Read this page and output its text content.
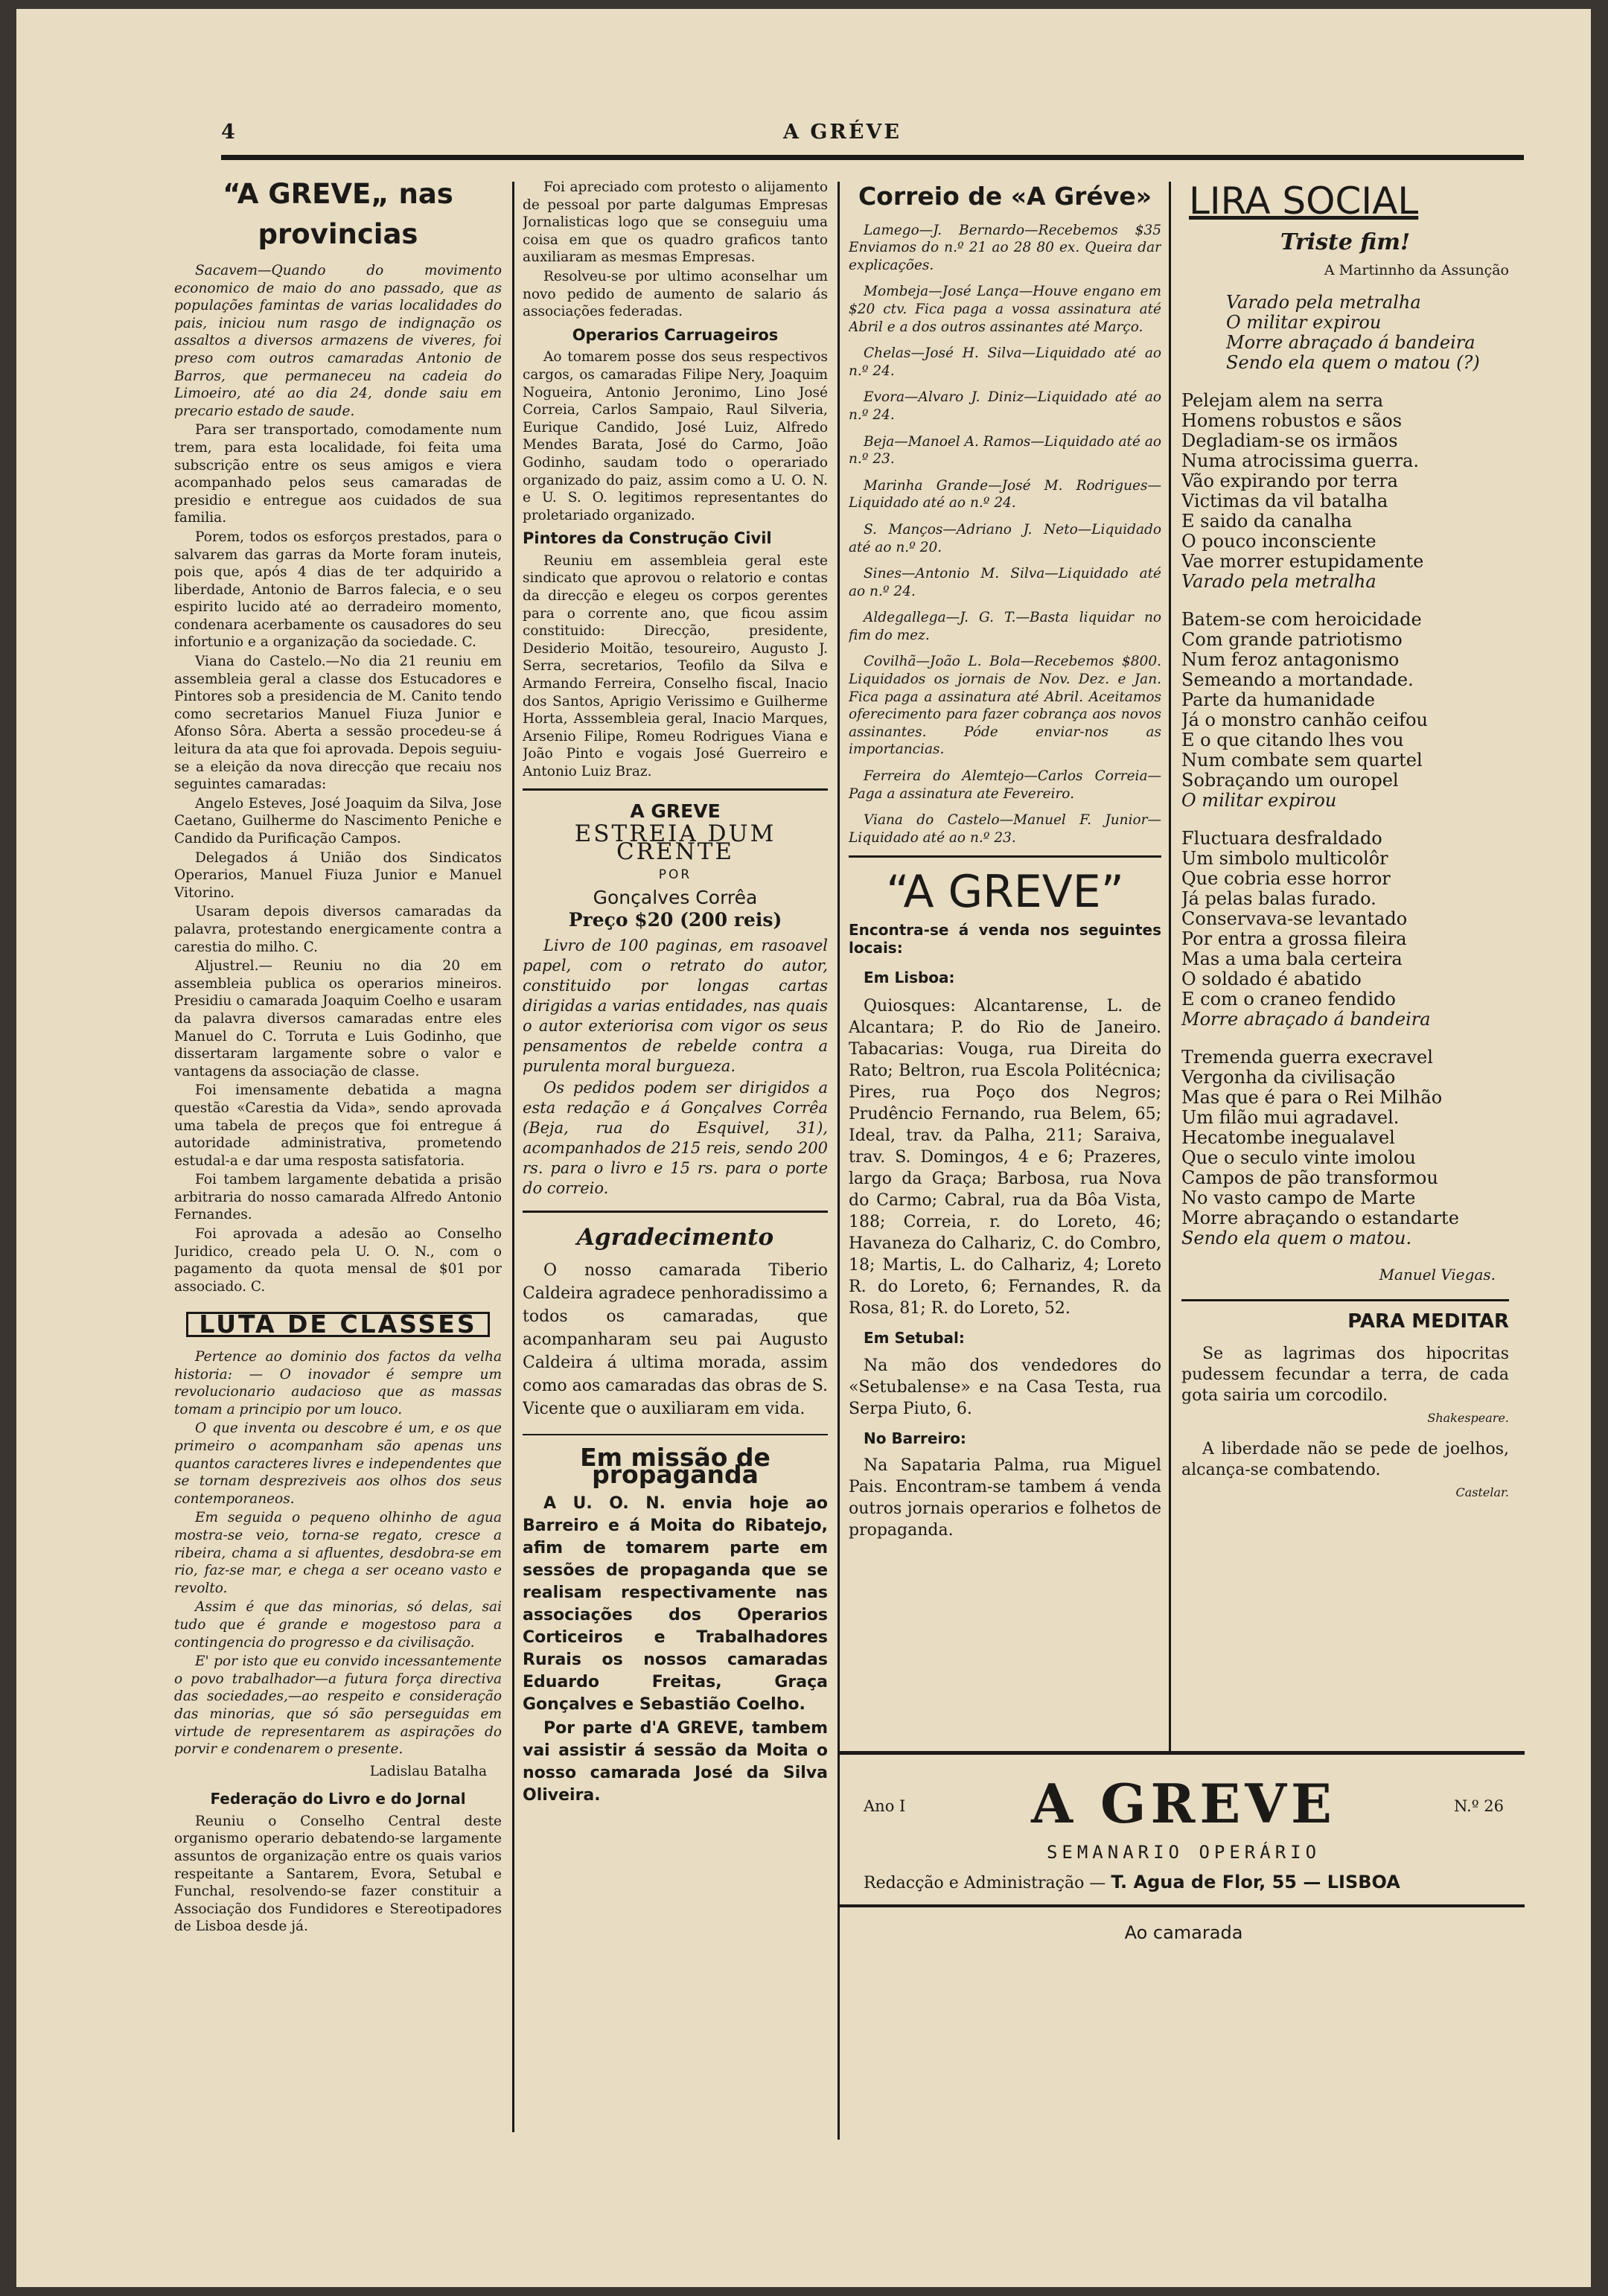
4	A GRÉVE
“A GREVE„ nas provincias

Sacavem—Quando do movimento economico de maio do ano passado, que as populações famintas de varias localidades do pais, iniciou num rasgo de indignação os assaltos a diversos armazens de viveres, foi preso com outros camaradas Antonio de Barros, que permaneceu na cadeia do Limoeiro, até ao dia 24, donde saiu em precario estado de saude.

Para ser transportado, comodamente num trem, para esta localidade, foi feita uma subscrição entre os seus amigos e viera acompanhado pelos seus camaradas de presidio e entregue aos cuidados de sua familia.

Porem, todos os esforços prestados, para o salvarem das garras da Morte foram inuteis, pois que, após 4 dias de ter adquirido a liberdade, Antonio de Barros falecia, e o seu espirito lucido até ao derradeiro momento, condenara acerbamente os causadores do seu infortunio e a organização da sociedade. C.

Viana do Castelo.—No dia 21 reuniu em assembleia geral a classe dos Estucadores e Pintores sob a presidencia de M. Canito tendo como secretarios Manuel Fiuza Junior e Afonso Sôra. Aberta a sessão procedeu-se á leitura da ata que foi aprovada. Depois seguiu-se a eleição da nova direcção que recaiu nos seguintes camaradas:

Angelo Esteves, José Joaquim da Silva, Jose Caetano, Guilherme do Nascimento Peniche e Candido da Purificação Campos.

Delegados á União dos Sindicatos Operarios, Manuel Fiuza Junior e Manuel Vitorino.

Usaram depois diversos camaradas da palavra, protestando energicamente contra a carestia do milho. C.

Aljustrel.— Reuniu no dia 20 em assembleia publica os operarios mineiros. Presidiu o camarada Joaquim Coelho e usaram da palavra diversos camaradas entre eles Manuel do C. Torruta e Luis Godinho, que dissertaram largamente sobre o valor e vantagens da associação de classe.

Foi imensamente debatida a magna questão «Carestia da Vida», sendo aprovada uma tabela de preços que foi entregue á autoridade administrativa, prometendo estudal-a e dar uma resposta satisfatoria.

Foi tambem largamente debatida a prisão arbitraria do nosso camarada Alfredo Antonio Fernandes.

Foi aprovada a adesão ao Conselho Juridico, creado pela U. O. N., com o pagamento da quota mensal de $01 por associado. C.

LUTA DE CLASSES

Pertence ao dominio dos factos da velha historia: — O inovador é sempre um revolucionario audacioso que as massas tomam a principio por um louco.

O que inventa ou descobre é um, e os que primeiro o acompanham são apenas uns quantos caracteres livres e independentes que se tornam despreziveis aos olhos dos seus contemporaneos.

Em seguida o pequeno olhinho de agua mostra-se veio, torna-se regato, cresce a ribeira, chama a si afluentes, desdobra-se em rio, faz-se mar, e chega a ser oceano vasto e revolto.

Assim é que das minorias, só delas, sai tudo que é grande e mogestoso para a contingencia do progresso e da civilisação.

E' por isto que eu convido incessantemente o povo trabalhador—a futura força directiva das sociedades,—ao respeito e consideração das minorias, que só são perseguidas em virtude de representarem as aspirações do porvir e condenarem o presente.

Ladislau Batalha
Federação do Livro e do Jornal

Reuniu o Conselho Central deste organismo operario debatendo-se largamente assuntos de organização entre os quais varios respeitante a Santarem, Evora, Setubal e Funchal, resolvendo-se fazer constituir a Associação dos Fundidores e Stereotipadores de Lisboa desde já.

Foi apreciado com protesto o alijamento de pessoal por parte dalgumas Empresas Jornalisticas logo que se conseguiu uma coisa em que os quadro graficos tanto auxiliaram as mesmas Empresas.

Resolveu-se por ultimo aconselhar um novo pedido de aumento de salario ás associações federadas.

Operarios Carruageiros

Ao tomarem posse dos seus respectivos cargos, os camaradas Filipe Nery, Joaquim Nogueira, Antonio Jeronimo, Lino José Correia, Carlos Sampaio, Raul Silveria, Eurique Candido, José Luiz, Alfredo Mendes Barata, José do Carmo, João Godinho, saudam todo o operariado organizado do paiz, assim como a U. O. N. e U. S. O. legitimos representantes do proletariado organizado.

Pintores da Construção Civil

Reuniu em assembleia geral este sindicato que aprovou o relatorio e contas da direcção e elegeu os corpos gerentes para o corrente ano, que ficou assim constituido: Direcção, presidente, Desiderio Moitão, tesoureiro, Augusto J. Serra, secretarios, Teofilo da Silva e Armando Ferreira, Conselho fiscal, Inacio dos Santos, Aprigio Verissimo e Guilherme Horta, Asssembleia geral, Inacio Marques, Arsenio Filipe, Romeu Rodrigues Viana e João Pinto e vogais José Guerreiro e Antonio Luiz Braz.

A GREVE
ESTREIA DUM CRENTE
POR
Gonçalves Corrêa
Preço $20 (200 reis)

Livro de 100 paginas, em rasoavel papel, com o retrato do autor, constituido por longas cartas dirigidas a varias entidades, nas quais o autor exteriorisa com vigor os seus pensamentos de rebelde contra a purulenta moral burgueza.

Os pedidos podem ser dirigidos a esta redação e á Gonçalves Corrêa (Beja, rua do Esquivel, 31), acompanhados de 215 reis, sendo 200 rs. para o livro e 15 rs. para o porte do correio.

Agradecimento

O nosso camarada Tiberio Caldeira agradece penhoradissimo a todos os camaradas, que acompanharam seu pai Augusto Caldeira á ultima morada, assim como aos camaradas das obras de S. Vicente que o auxiliaram em vida.

Em missão de propaganda

A U. O. N. envia hoje ao Barreiro e á Moita do Ribatejo, afim de tomarem parte em sessões de propaganda que se realisam respectivamente nas associações dos Operarios Corticeiros e Trabalhadores Rurais os nossos camaradas Eduardo Freitas, Graça Gonçalves e Sebastião Coelho.

Por parte d'A GREVE, tambem vai assistir á sessão da Moita o nosso camarada José da Silva Oliveira.

Correio de «A Gréve»

Lamego—J. Bernardo—Recebemos $35 Enviamos do n.º 21 ao 28 80 ex. Queira dar explicações.

Mombeja—José Lança—Houve engano em $20 ctv. Fica paga a vossa assinatura até Abril e a dos outros assinantes até Março.

Chelas—José H. Silva—Liquidado até ao n.º 24.

Evora—Alvaro J. Diniz—Liquidado até ao n.º 24.

Beja—Manoel A. Ramos—Liquidado até ao n.º 23.

Marinha Grande—José M. Rodrigues—Liquidado até ao n.º 24.

S. Manços—Adriano J. Neto—Liquidado até ao n.º 20.

Sines—Antonio M. Silva—Liquidado até ao n.º 24.

Aldegallega—J. G. T.—Basta liquidar no fim do mez.

Covilhã—João L. Bola—Recebemos $800. Liquidados os jornais de Nov. Dez. e Jan. Fica paga a assinatura até Abril. Aceitamos oferecimento para fazer cobrança aos novos assinantes. Póde enviar-nos as importancias.

Ferreira do Alemtejo—Carlos Correia—Paga a assinatura ate Fevereiro.

Viana do Castelo—Manuel F. Junior—Liquidado até ao n.º 23.

“A GREVE”
Encontra-se á venda nos seguintes locais:
Em Lisboa:

Quiosques: Alcantarense, L. de Alcantara; P. do Rio de Janeiro. Tabacarias: Vouga, rua Direita do Rato; Beltron, rua Escola Politécnica; Pires, rua Poço dos Negros; Prudêncio Fernando, rua Belem, 65; Ideal, trav. da Palha, 211; Saraiva, trav. S. Domingos, 4 e 6; Prazeres, largo da Graça; Barbosa, rua Nova do Carmo; Cabral, rua da Bôa Vista, 188; Correia, r. do Loreto, 46; Havaneza do Calhariz, C. do Combro, 18; Martis, L. do Calhariz, 4; Loreto R. do Loreto, 6; Fernandes, R. da Rosa, 81; R. do Loreto, 52.

Em Setubal:

Na mão dos vendedores do «Setubalense» e na Casa Testa, rua Serpa Piuto, 6.

No Barreiro:

Na Sapataria Palma, rua Miguel Pais. Encontram-se tambem á venda outros jornais operarios e folhetos de propaganda.

LIRA SOCIAL
Triste fim!
A Martinnho da Assunção
Varado pela metralha
O militar expirou
Morre abraçado á bandeira
Sendo ela quem o matou (?)
Pelejam alem na serra
Homens robustos e sãos
Degladiam-se os irmãos
Numa atrocissima guerra.
Vão expirando por terra
Victimas da vil batalha
E saido da canalha
O pouco inconsciente
Vae morrer estupidamente
Varado pela metralha
Batem-se com heroicidade
Com grande patriotismo
Num feroz antagonismo
Semeando a mortandade.
Parte da humanidade
Já o monstro canhão ceifou
E o que citando lhes vou
Num combate sem quartel
Sobraçando um ouropel
O militar expirou
Fluctuara desfraldado
Um simbolo multicolôr
Que cobria esse horror
Já pelas balas furado.
Conservava-se levantado
Por entra a grossa fileira
Mas a uma bala certeira
O soldado é abatido
E com o craneo fendido
Morre abraçado á bandeira
Tremenda guerra execravel
Vergonha da civilisação
Mas que é para o Rei Milhão
Um filão mui agradavel.
Hecatombe inegualavel
Que o seculo vinte imolou
Campos de pão transformou
No vasto campo de Marte
Morre abraçando o estandarte
Sendo ela quem o matou.
Manuel Viegas.
PARA MEDITAR

Se as lagrimas dos hipocritas pudessem fecundar a terra, de cada gota sairia um corcodilo.

Shakespeare.

A liberdade não se pede de joelhos, alcança-se combatendo.

Castelar.
Ano I	A GREVE	N.º 26
SEMANARIO OPERÁRIO
Redacção e Administração — T. Agua de Flor, 55 — LISBOA
Ao camarada
